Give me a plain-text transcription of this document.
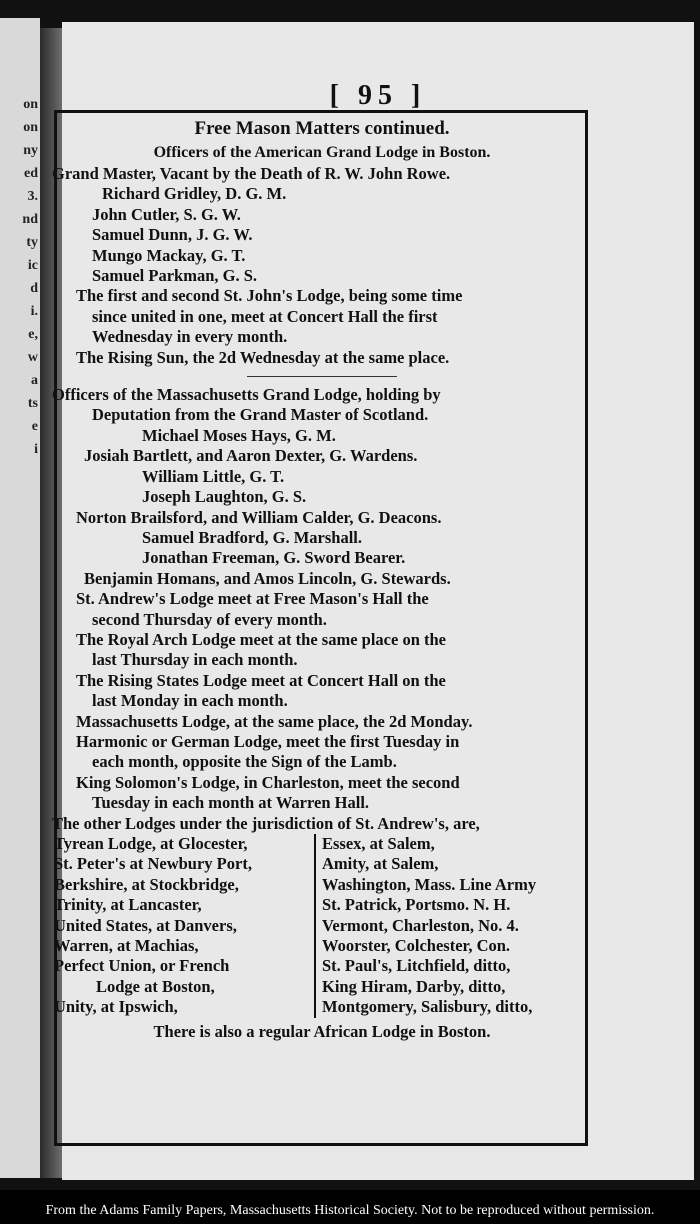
on
on
ny
ed
3.
nd
ty
ic
d
i.
e,
w
a
ts
e
i
[ 95 ]
Free Mason Matters continued.
Officers of the American Grand Lodge in Boston.
Grand Master, Vacant by the Death of R. W. John Rowe.
Richard Gridley, D. G. M.
John Cutler, S. G. W.
Samuel Dunn, J. G. W.
Mungo Mackay, G. T.
Samuel Parkman, G. S.
The first and second St. John's Lodge, being some time
since united in one, meet at Concert Hall the first
Wednesday in every month.
The Rising Sun, the 2d Wednesday at the same place.
Officers of the Massachusetts Grand Lodge, holding by
Deputation from the Grand Master of Scotland.
Michael Moses Hays, G. M.
Josiah Bartlett, and Aaron Dexter, G. Wardens.
William Little, G. T.
Joseph Laughton, G. S.
Norton Brailsford, and William Calder, G. Deacons.
Samuel Bradford, G. Marshall.
Jonathan Freeman, G. Sword Bearer.
Benjamin Homans, and Amos Lincoln, G. Stewards.
St. Andrew's Lodge meet at Free Mason's Hall the
second Thursday of every month.
The Royal Arch Lodge meet at the same place on the
last Thursday in each month.
The Rising States Lodge meet at Concert Hall on the
last Monday in each month.
Massachusetts Lodge, at the same place, the 2d Monday.
Harmonic or German Lodge, meet the first Tuesday in
each month, opposite the Sign of the Lamb.
King Solomon's Lodge, in Charleston, meet the second
Tuesday in each month at Warren Hall.
The other Lodges under the jurisdiction of St. Andrew's, are,
Tyrean Lodge, at Glocester,
St. Peter's at Newbury Port,
Berkshire, at Stockbridge,
Trinity, at Lancaster,
United States, at Danvers,
Warren, at Machias,
Perfect Union, or French
Lodge at Boston,
Unity, at Ipswich,
Essex, at Salem,
Amity, at Salem,
Washington, Mass. Line Army
St. Patrick, Portsmo. N. H.
Vermont, Charleston, No. 4.
Woorster, Colchester, Con.
St. Paul's, Litchfield, ditto,
King Hiram, Darby, ditto,
Montgomery, Salisbury, ditto,
There is also a regular African Lodge in Boston.
From the Adams Family Papers, Massachusetts Historical Society. Not to be reproduced without permission.
